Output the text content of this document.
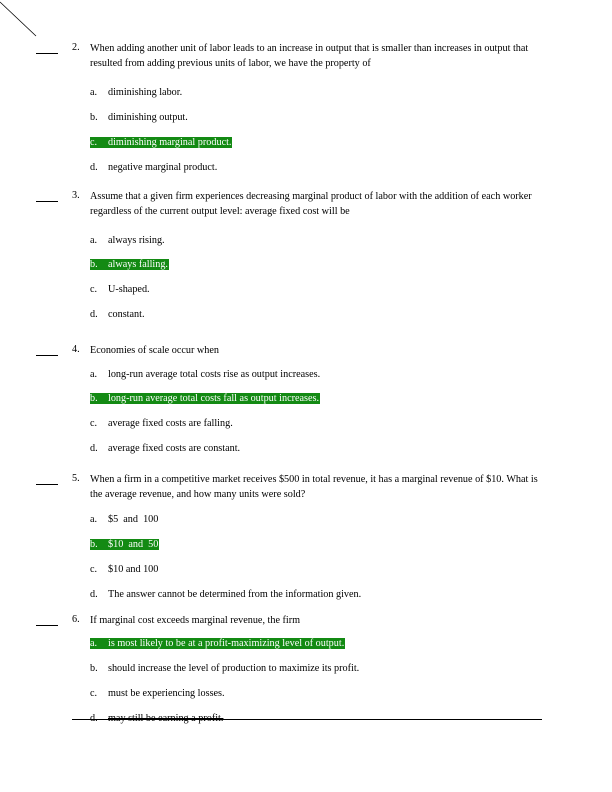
2. When adding another unit of labor leads to an increase in output that is smaller than increases in output that resulted from adding previous units of labor, we have the property of
a. diminishing labor.
b. diminishing output.
c. diminishing marginal product.
d. negative marginal product.
3. Assume that a given firm experiences decreasing marginal product of labor with the addition of each worker regardless of the current output level: average fixed cost will be
a. always rising.
b. always falling.
c. U-shaped.
d. constant.
4. Economies of scale occur when
a. long-run average total costs rise as output increases.
b. long-run average total costs fall as output increases.
c. average fixed costs are falling.
d. average fixed costs are constant.
5. When a firm in a competitive market receives $500 in total revenue, it has a marginal revenue of $10. What is the average revenue, and how many units were sold?
a. $5  and  100
b. $10  and  50
c. $10 and 100
d. The answer cannot be determined from the information given.
6. If marginal cost exceeds marginal revenue, the firm
a. is most likely to be at a profit-maximizing level of output.
b. should increase the level of production to maximize its profit.
c. must be experiencing losses.
d. may still be earning a profit.
